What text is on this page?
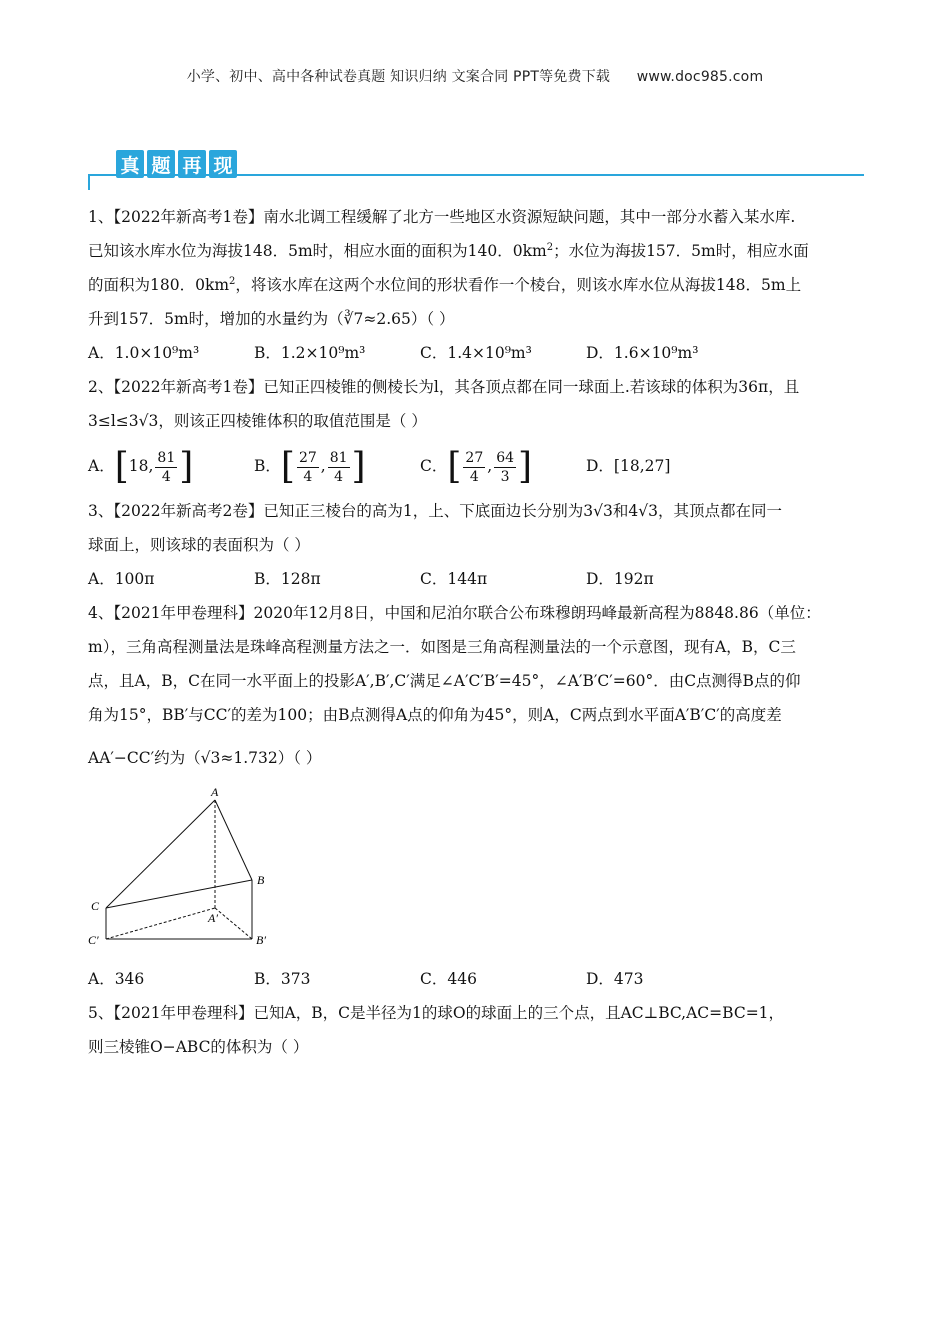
小学、初中、高中各种试卷真题 知识归纳 文案合同 PPT等免费下载 www.doc985.com
真 题 再 现
1、【2022年新高考1卷】南水北调工程缓解了北方一些地区水资源短缺问题，其中一部分水蓄入某水库.
已知该水库水位为海拔148．5m时，相应水面的面积为140．$0km^2$；水位为海拔157．5m时，相应水面
的面积为180．$0km^2$，将该水库在这两个水位间的形状看作一个棱台，则该水库水位从海拔148．5m上
升到157．5m时，增加的水量约为（∛7≈2.65）（ ）
A．1.0×10⁹m³	B．1.2×10⁹m³	C．1.4×10⁹m³	D．1.6×10⁹m³
2、【2022年新高考1卷】已知正四棱锥的侧棱长为l，其各顶点都在同一球面上.若该球的体积为36π，且
3≤l≤3√3，则该正四棱锥体积的取值范围是（ ）
A．[18, $\frac{81}{4}$ ]	B．[ $\frac{27}{4}$ , $\frac{81}{4}$ ]	C．[ $\frac{27}{4}$ , $\frac{64}{3}$ ]	D．[18,27]
3、【2022年新高考2卷】已知正三棱台的高为1，上、下底面边长分别为3√3和4√3，其顶点都在同一
球面上，则该球的表面积为（ ）
A．100π	B．128π	C．144π	D．192π
4、【2021年甲卷理科】2020年12月8日，中国和尼泊尔联合公布珠穆朗玛峰最新高程为8848.86（单位：
m），三角高程测量法是珠峰高程测量方法之一．如图是三角高程测量法的一个示意图，现有A，B，C三
点，且A，B，C在同一水平面上的投影A′,B′,C′满足∠A′C′B′=45°，∠A′B′C′=60°．由C点测得B点的仰
角为15°，BB′与CC′的差为100；由B点测得A点的仰角为45°，则A，C两点到水平面A′B′C′的高度差
AA′−CC′约为（√3≈1.732）（ ）
A
B
C
A′
B′
C′
A．346	B．373	C．446	D．473
5、【2021年甲卷理科】已知A，B，C是半径为1的球O的球面上的三个点，且AC⊥BC,AC=BC=1，
则三棱锥O−ABC的体积为（ ）
